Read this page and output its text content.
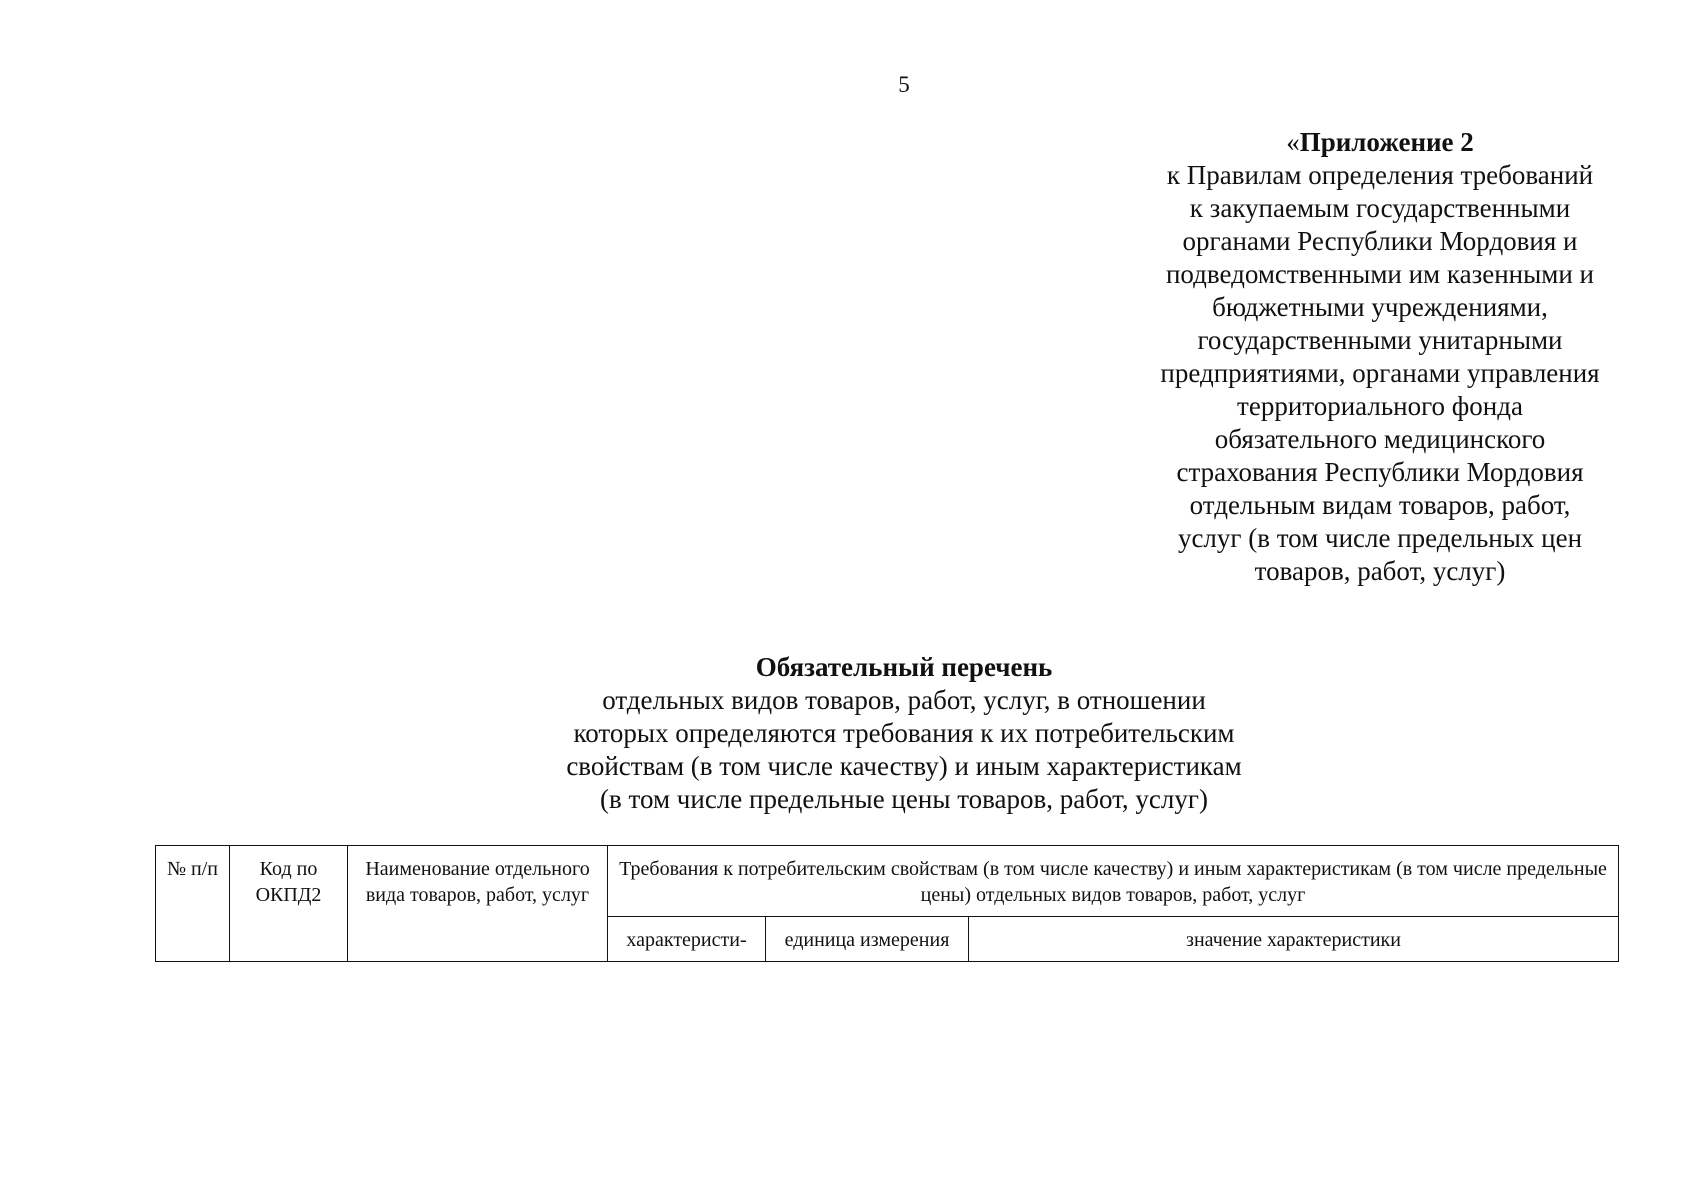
5
«Приложение 2
к Правилам определения требований
к закупаемым государственными
органами Республики Мордовия и
подведомственными им казенными и
бюджетными учреждениями,
государственными унитарными
предприятиями, органами управления
территориального фонда
обязательного медицинского
страхования Республики Мордовия
отдельным видам товаров, работ,
услуг (в том числе предельных цен
товаров, работ, услуг)
Обязательный перечень
отдельных видов товаров, работ, услуг, в отношении
которых определяются требования к их потребительским
свойствам (в том числе качеству) и иным характеристикам
(в том числе предельные цены товаров, работ, услуг)
№ п/п	Код по ОКПД2	Наименование отдельного вида товаров, работ, услуг	Требования к потребительским свойствам (в том числе качеству) и иным характеристикам (в том числе предельные цены) отдельных видов товаров, работ, услуг		
			характеристи-	единица измерения	значение характеристики
